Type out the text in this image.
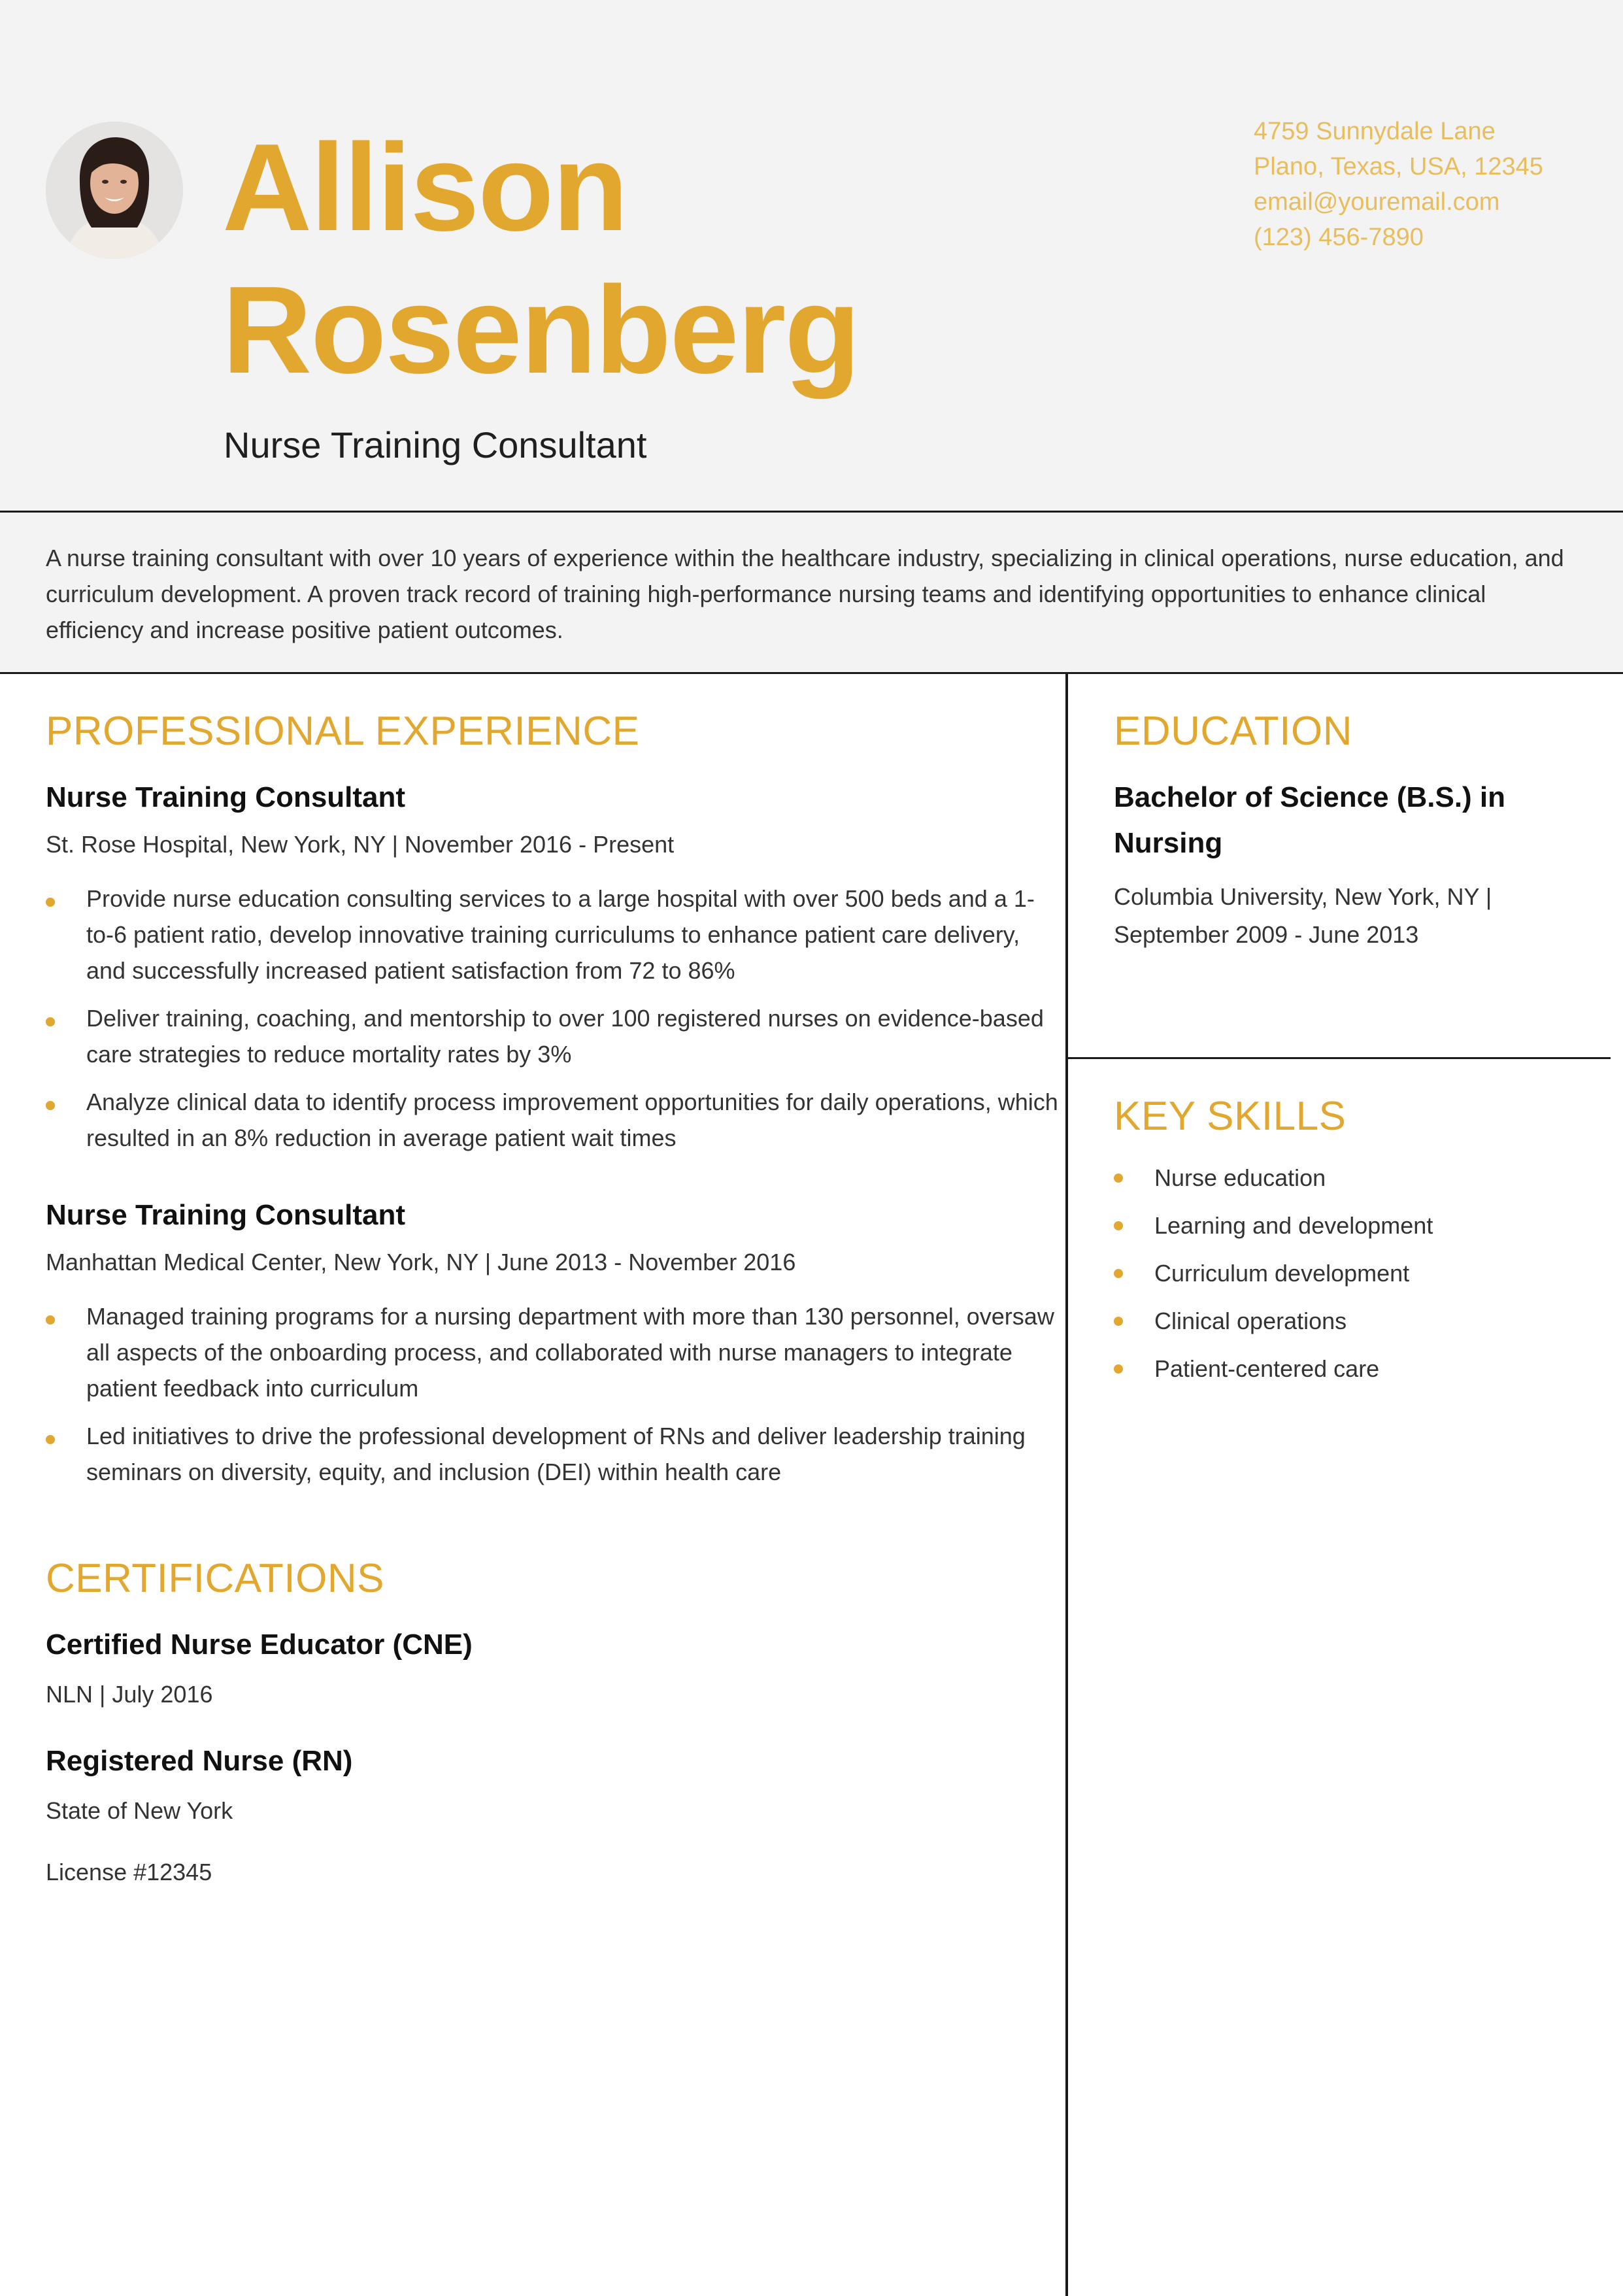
Allison
Rosenberg
Nurse Training Consultant
4759 Sunnydale Lane
Plano, Texas, USA, 12345
email@youremail.com
(123) 456-7890
A nurse training consultant with over 10 years of experience within the healthcare industry, specializing in clinical operations, nurse education, and curriculum development. A proven track record of training high-performance nursing teams and identifying opportunities to enhance clinical efficiency and increase positive patient outcomes.
PROFESSIONAL EXPERIENCE
Nurse Training Consultant

St. Rose Hospital, New York, NY | November 2016 - Present

Provide nurse education consulting services to a large hospital with over 500 beds and a 1-to-6 patient ratio, develop innovative training curriculums to enhance patient care delivery, and successfully increased patient satisfaction from 72 to 86%
Deliver training, coaching, and mentorship to over 100 registered nurses on evidence-based care strategies to reduce mortality rates by 3%
Analyze clinical data to identify process improvement opportunities for daily operations, which resulted in an 8% reduction in average patient wait times
Nurse Training Consultant

Manhattan Medical Center, New York, NY | June 2013 - November 2016

Managed training programs for a nursing department with more than 130 personnel, oversaw all aspects of the onboarding process, and collaborated with nurse managers to integrate patient feedback into curriculum
Led initiatives to drive the professional development of RNs and deliver leadership training seminars on diversity, equity, and inclusion (DEI) within health care
CERTIFICATIONS
Certified Nurse Educator (CNE)

NLN | July 2016

Registered Nurse (RN)

State of New York

License #12345

EDUCATION
Bachelor of Science (B.S.) in Nursing

Columbia University, New York, NY | September 2009 - June 2013

KEY SKILLS
Nurse education
Learning and development
Curriculum development
Clinical operations
Patient-centered care
